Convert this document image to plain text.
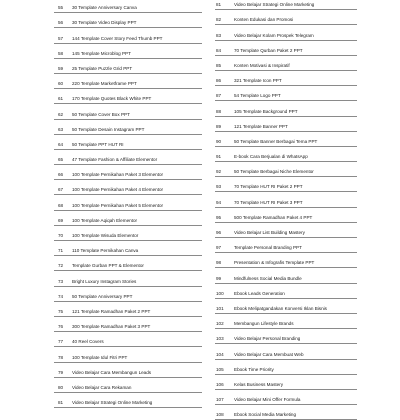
55	30 Template Anniversary Canva
56	30 Template Video Display PPT
57	144 Template Cover Story Feed Thumb PPT
58	145 Template Microblog PPT
59	25 Template Puzzle Grid PPT
60	220 Template Marketframe PPT
61	170 Template Quotes Black White PPT
62	50 Template Cover Box PPT
63	50 Template Desain Instagram PPT
64	50 Template PPT HUT RI
65	47 Template Fashion & Affiliate Elementor
66	100 Template Pernikahan Paket 3 Elementor
67	100 Template Pernikahan Paket 4 Elementor
68	100 Template Pernikahan Paket 5 Elementor
69	100 Template Aqiqah Elementor
70	100 Template Wisuda Elementor
71	110 Template Pernikahan Canva
72	Template Gurban PPT & Elementor
73	Bright Luxury Instagram Stories
74	50 Template Anniversary PPT
75	121 Template Ramadhan Paket 2 PPT
76	300 Template Ramadhan Paket 3 PPT
77	40 Reel Covers
78	100 Template Idul Fitri PPT
79	Video Belajar Cara Membangun Leads
80	Video Belajar Cara Rekaman
81	Video Belajar Strategi Online Marketing
81	Video Belajar Strategi Online Marketing
82	Konten Edukasi dan Promosi
83	Video Belajar Kolam Prospek Telegram
84	70 Template Qurban Paket 2 PPT
85	Konten Motivasi & Inspiratif
86	321 Template Icon PPT
87	54 Template Logo PPT
88	105 Template Background PPT
89	121 Template Banner PPT
90	50 Template Banner Berbagai Tema PPT
91	E-book Cara Berjualan di WhatsApp
92	50 Template Berbagai Niche Elementor
93	70 Template HUT RI Paket 2 PPT
94	70 Template HUT RI Paket 3 PPT
95	500 Template Ramadhan Paket 4 PPT
96	Video Belajar List Building Mastery
97	Template Personal Branding PPT
98	Presentation & Infografis Template PPT
99	Mindfulness Social Media Bundle
100	Ebook Leads Generation
101	Ebook Melipatgandakan Konversi Iklan Bisnis
102	Membangun Lifestyle Brands
103	Video Belajar Personal Branding
104	Video Belajar Cara Membuat Web
105	Ebook Time Priority
106	Kelas Business Mastery
107	Video Belajar Mini Offer Formula
108	Ebook Social Media Marketing
